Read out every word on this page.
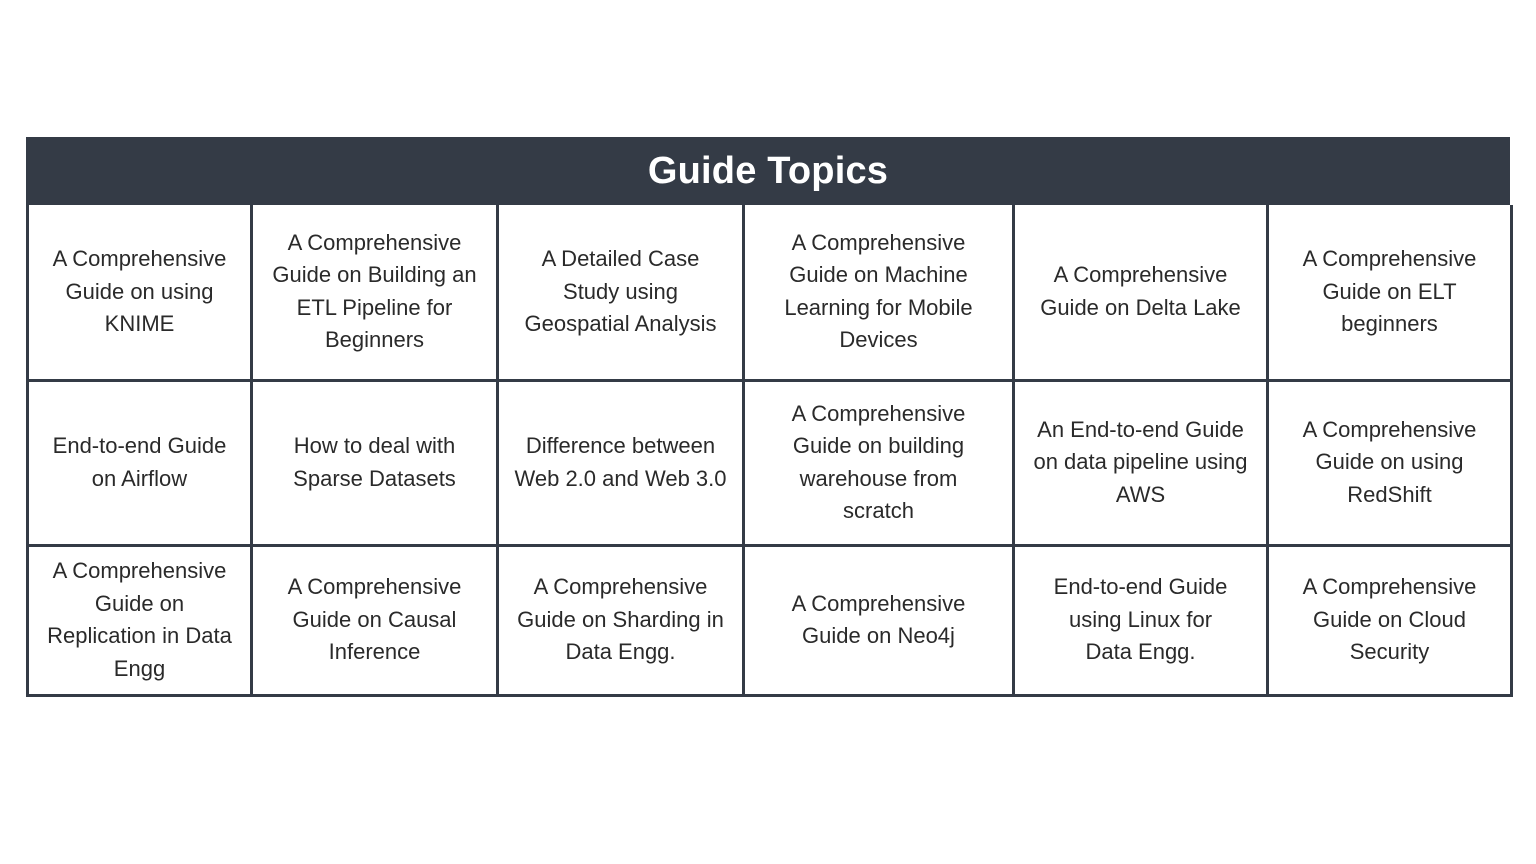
Guide Topics
A Comprehensive Guide on using KNIME	A Comprehensive Guide on Building an ETL Pipeline for Beginners	A Detailed Case Study using Geospatial Analysis	A Comprehensive Guide on Machine Learning for Mobile Devices	A Comprehensive Guide on Delta Lake	A Comprehensive Guide on ELT beginners
End-to-end Guide on Airflow	How to deal with Sparse Datasets	Difference between Web 2.0 and Web 3.0	A Comprehensive Guide on building warehouse from scratch	An End-to-end Guide on data pipeline using AWS	A Comprehensive Guide on using RedShift
A Comprehensive Guide on Replication in Data Engg	A Comprehensive Guide on Causal Inference	A Comprehensive Guide on Sharding in Data Engg.	A Comprehensive Guide on Neo4j	End-to-end Guide using Linux for Data Engg.	A Comprehensive Guide on Cloud Security
